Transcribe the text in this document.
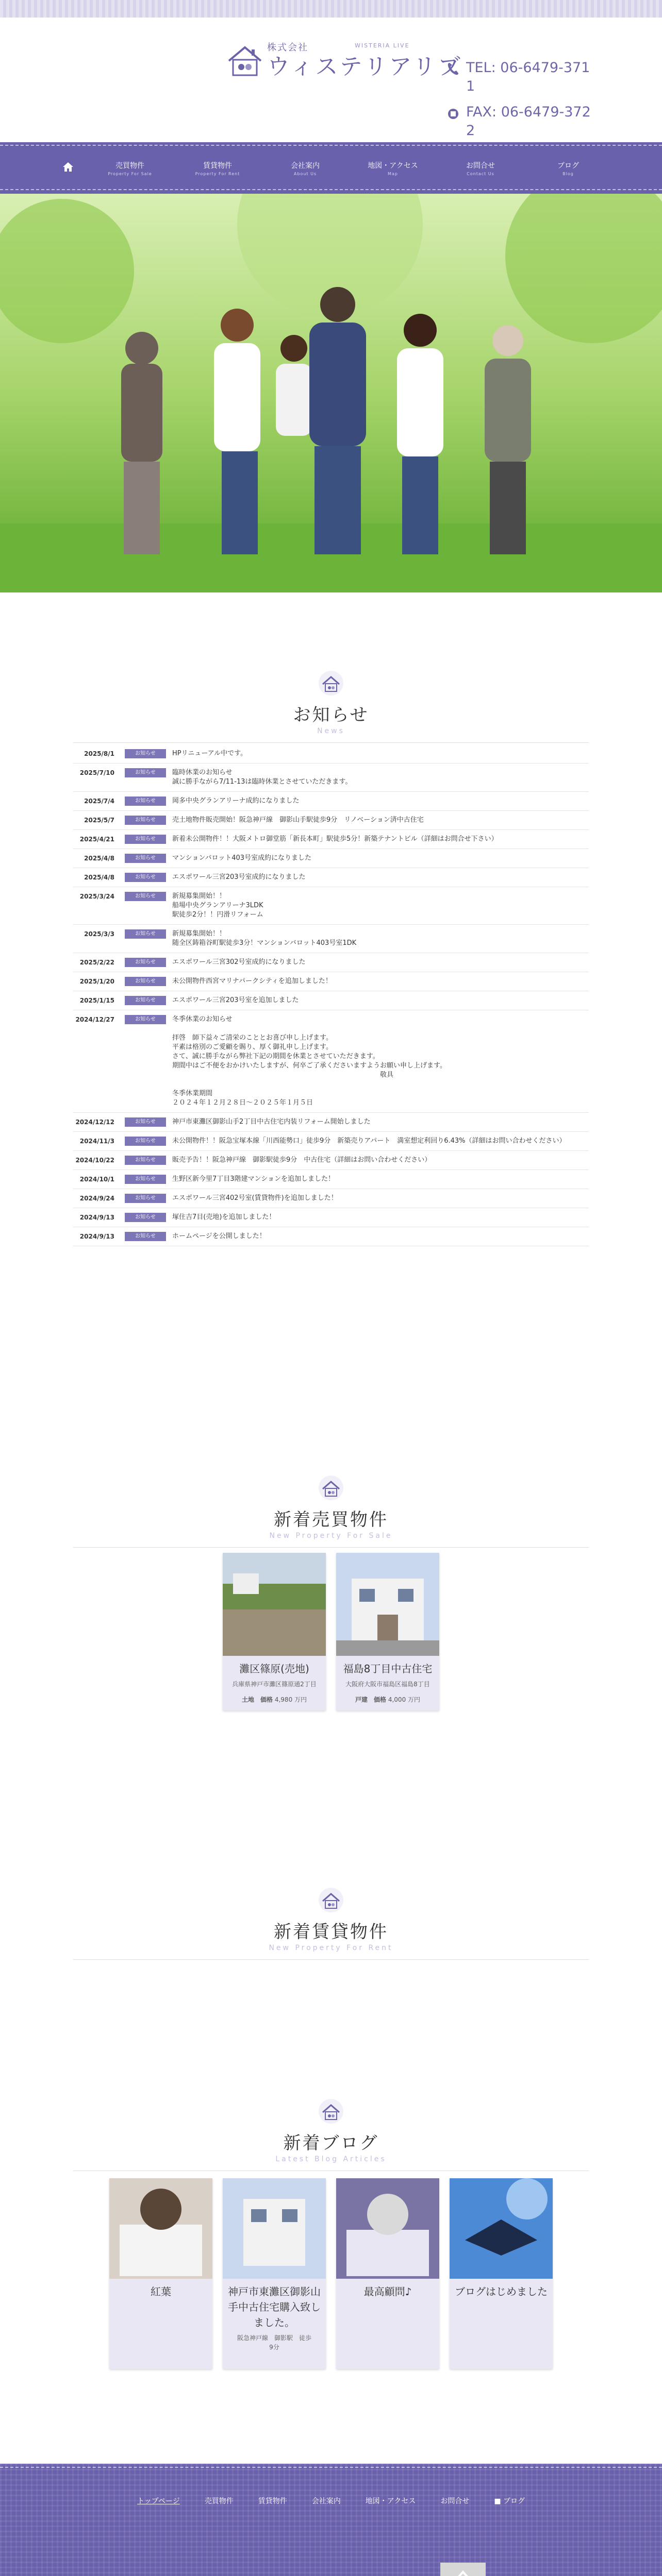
株式会社
ウィステリアリブ
WISTERIA LIVE
TEL: 06-6479-3711
FAX: 06-6479-3722
売買物件
Property For Sale
賃貸物件
Property For Rent
会社案内
About Us
地図・アクセス
Map
お問合せ
Contact Us
ブログ
Blog
お知らせ
News
2025/8/1	お知らせ	HPリニューアル中です。
2025/7/10	お知らせ	臨時休業のお知らせ
誠に勝手ながら7/11-13は臨時休業とさせていただきます。
2025/7/4	お知らせ	岡多中央グランアリーナ成約になりました
2025/5/7	お知らせ	売土地物件販売開始！阪急神戸線　御影山手駅徒歩9分　リノベーション済中古住宅
2025/4/21	お知らせ	新着未公開物件！！大阪メトロ御堂筋「新長本町」駅徒歩5分！新築テナントビル（詳細はお問合せ下さい）
2025/4/8	お知らせ	マンションバロット403号室成約になりました
2025/4/8	お知らせ	エスポワール三宮203号室成約になりました
2025/3/24	お知らせ	新規募集開始！！
船場中央グランアリーナ3LDK
駅徒歩2分！！円滑リフォーム
2025/3/3	お知らせ	新規募集開始！！
随全区鋳箱谷町駅徒歩3分！マンションバロット403号室1DK
2025/2/22	お知らせ	エスポワール三宮302号室成約になりました
2025/1/20	お知らせ	未公開物件西宮マリナパークシティを追加しました！
2025/1/15	お知らせ	エスポワール三宮203号室を追加しました
2024/12/27	お知らせ	冬季休業のお知らせ

拝啓　師下益々ご清栄のこととお喜び申し上げます。
平素は格別のご愛顧を賜り、厚く御礼申し上げます。
さて、誠に勝手ながら弊社下記の期間を休業とさせていただきます。
期間中はご不便をおかけいたしますが、何卒ご了承くださいますようお願い申し上げます。
　　　　　　　　　　　　　　　　　　　　　　　　　　　　　　　敬具

冬季休業期間
２０２４年１２月２８日～２０２５年１月５日
2024/12/12	お知らせ	神戸市東灘区御影山手2丁目中古住宅内装リフォーム開始しました
2024/11/3	お知らせ	未公開物件！！阪急宝塚本線「川西能勢口」徒歩9分　新築売りアパート　満室想定利回り6.43%（詳細はお問い合わせください）
2024/10/22	お知らせ	販売予告！！阪急神戸線　御影駅徒歩9分　中古住宅（詳細はお問い合わせください）
2024/10/1	お知らせ	生野区新今里7丁目3階建マンションを追加しました！
2024/9/24	お知らせ	エスポワール三宮402号室(賃貸物件)を追加しました！
2024/9/13	お知らせ	塚住吉7目(売地)を追加しました！
2024/9/13	お知らせ	ホームページを公開しました！
新着売買物件
New Property For Sale
灘区篠原(売地)
兵庫県神戸市灘区篠原通2丁目
土地　 価格 4,980 万円
福島8丁目中古住宅
大阪府大阪市福島区福島8丁目
戸建　 価格 4,000 万円
新着賃貸物件
New Property For Rent
新着ブログ
Latest Blog Articles
紅葉	神戸市東灘区御影山手中古住宅購入致しました。
阪急神戸線　御影駅　徒歩
9分
最高顧問♪	ブログはじめました
トップページ	売買物件	賃貸物件	会社案内	地図・アクセス	お問合せ	■ ブログ
